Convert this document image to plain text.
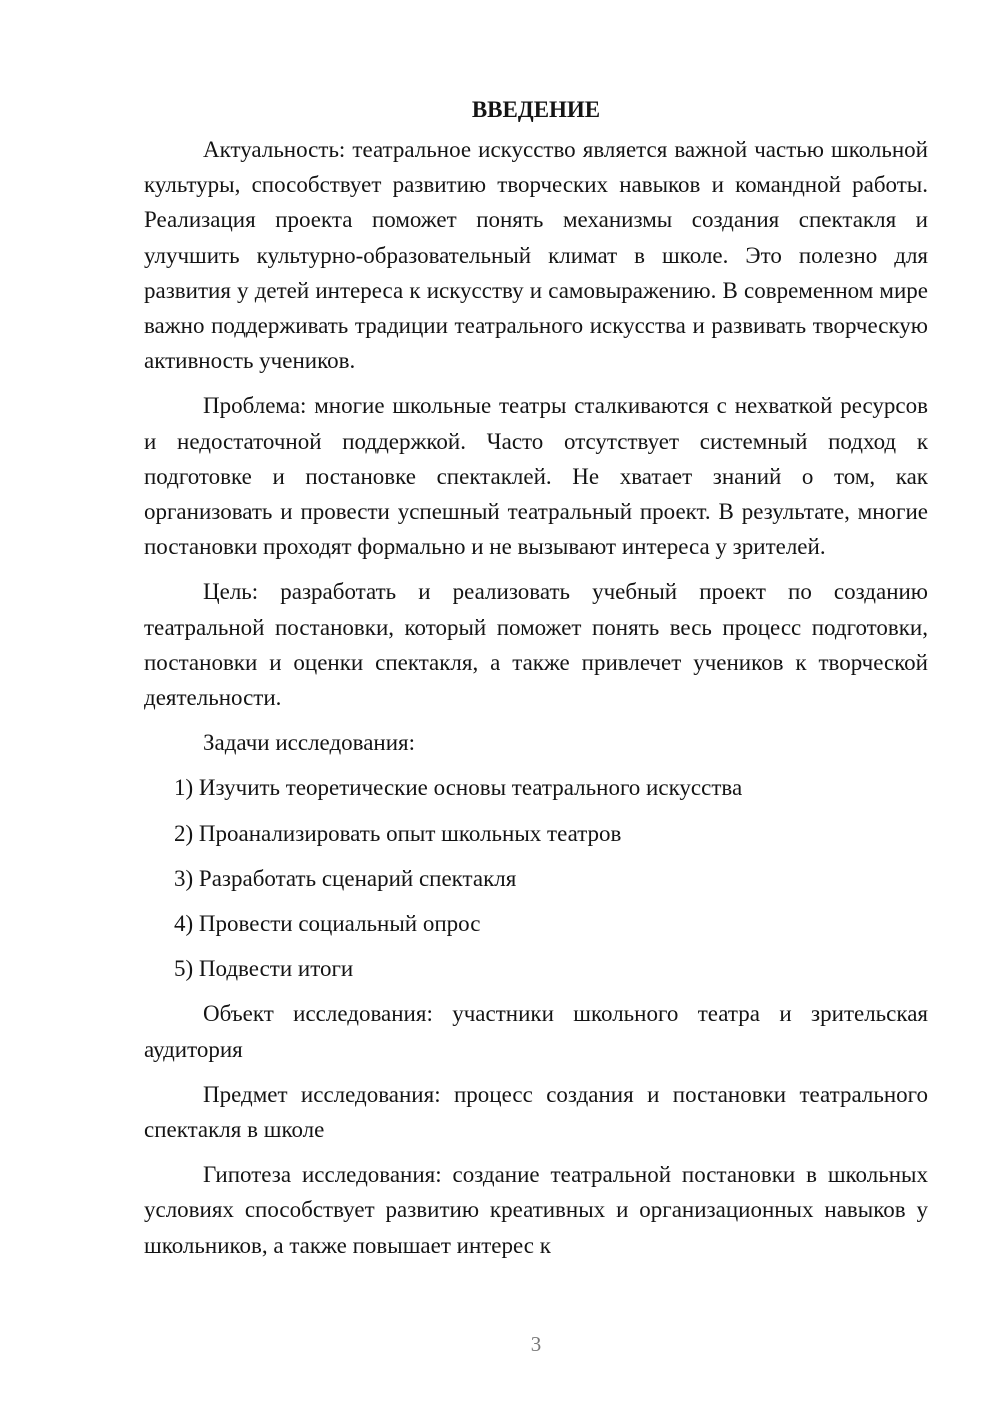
ВВЕДЕНИЕ

Актуальность: театральное искусство является важной частью школьной культуры, способствует развитию творческих навыков и командной работы. Реализация проекта поможет понять механизмы создания спектакля и улучшить культурно-образовательный климат в школе. Это полезно для развития у детей интереса к искусству и самовыражению. В современном мире важно поддерживать традиции театрального искусства и развивать творческую активность учеников.

Проблема: многие школьные театры сталкиваются с нехваткой ресурсов и недостаточной поддержкой. Часто отсутствует системный подход к подготовке и постановке спектаклей. Не хватает знаний о том, как организовать и провести успешный театральный проект. В результате, многие постановки проходят формально и не вызывают интереса у зрителей.

Цель: разработать и реализовать учебный проект по созданию театральной постановки, который поможет понять весь процесс подготовки, постановки и оценки спектакля, а также привлечет учеников к творческой деятельности.

Задачи исследования:

1) Изучить теоретические основы театрального искусства
2) Проанализировать опыт школьных театров
3) Разработать сценарий спектакля
4) Провести социальный опрос
5) Подвести итоги

Объект исследования: участники школьного театра и зрительская аудитория

Предмет исследования: процесс создания и постановки театрального спектакля в школе

Гипотеза исследования: создание театральной постановки в школьных условиях способствует развитию креативных и организационных навыков у школьников, а также повышает интерес к

3
